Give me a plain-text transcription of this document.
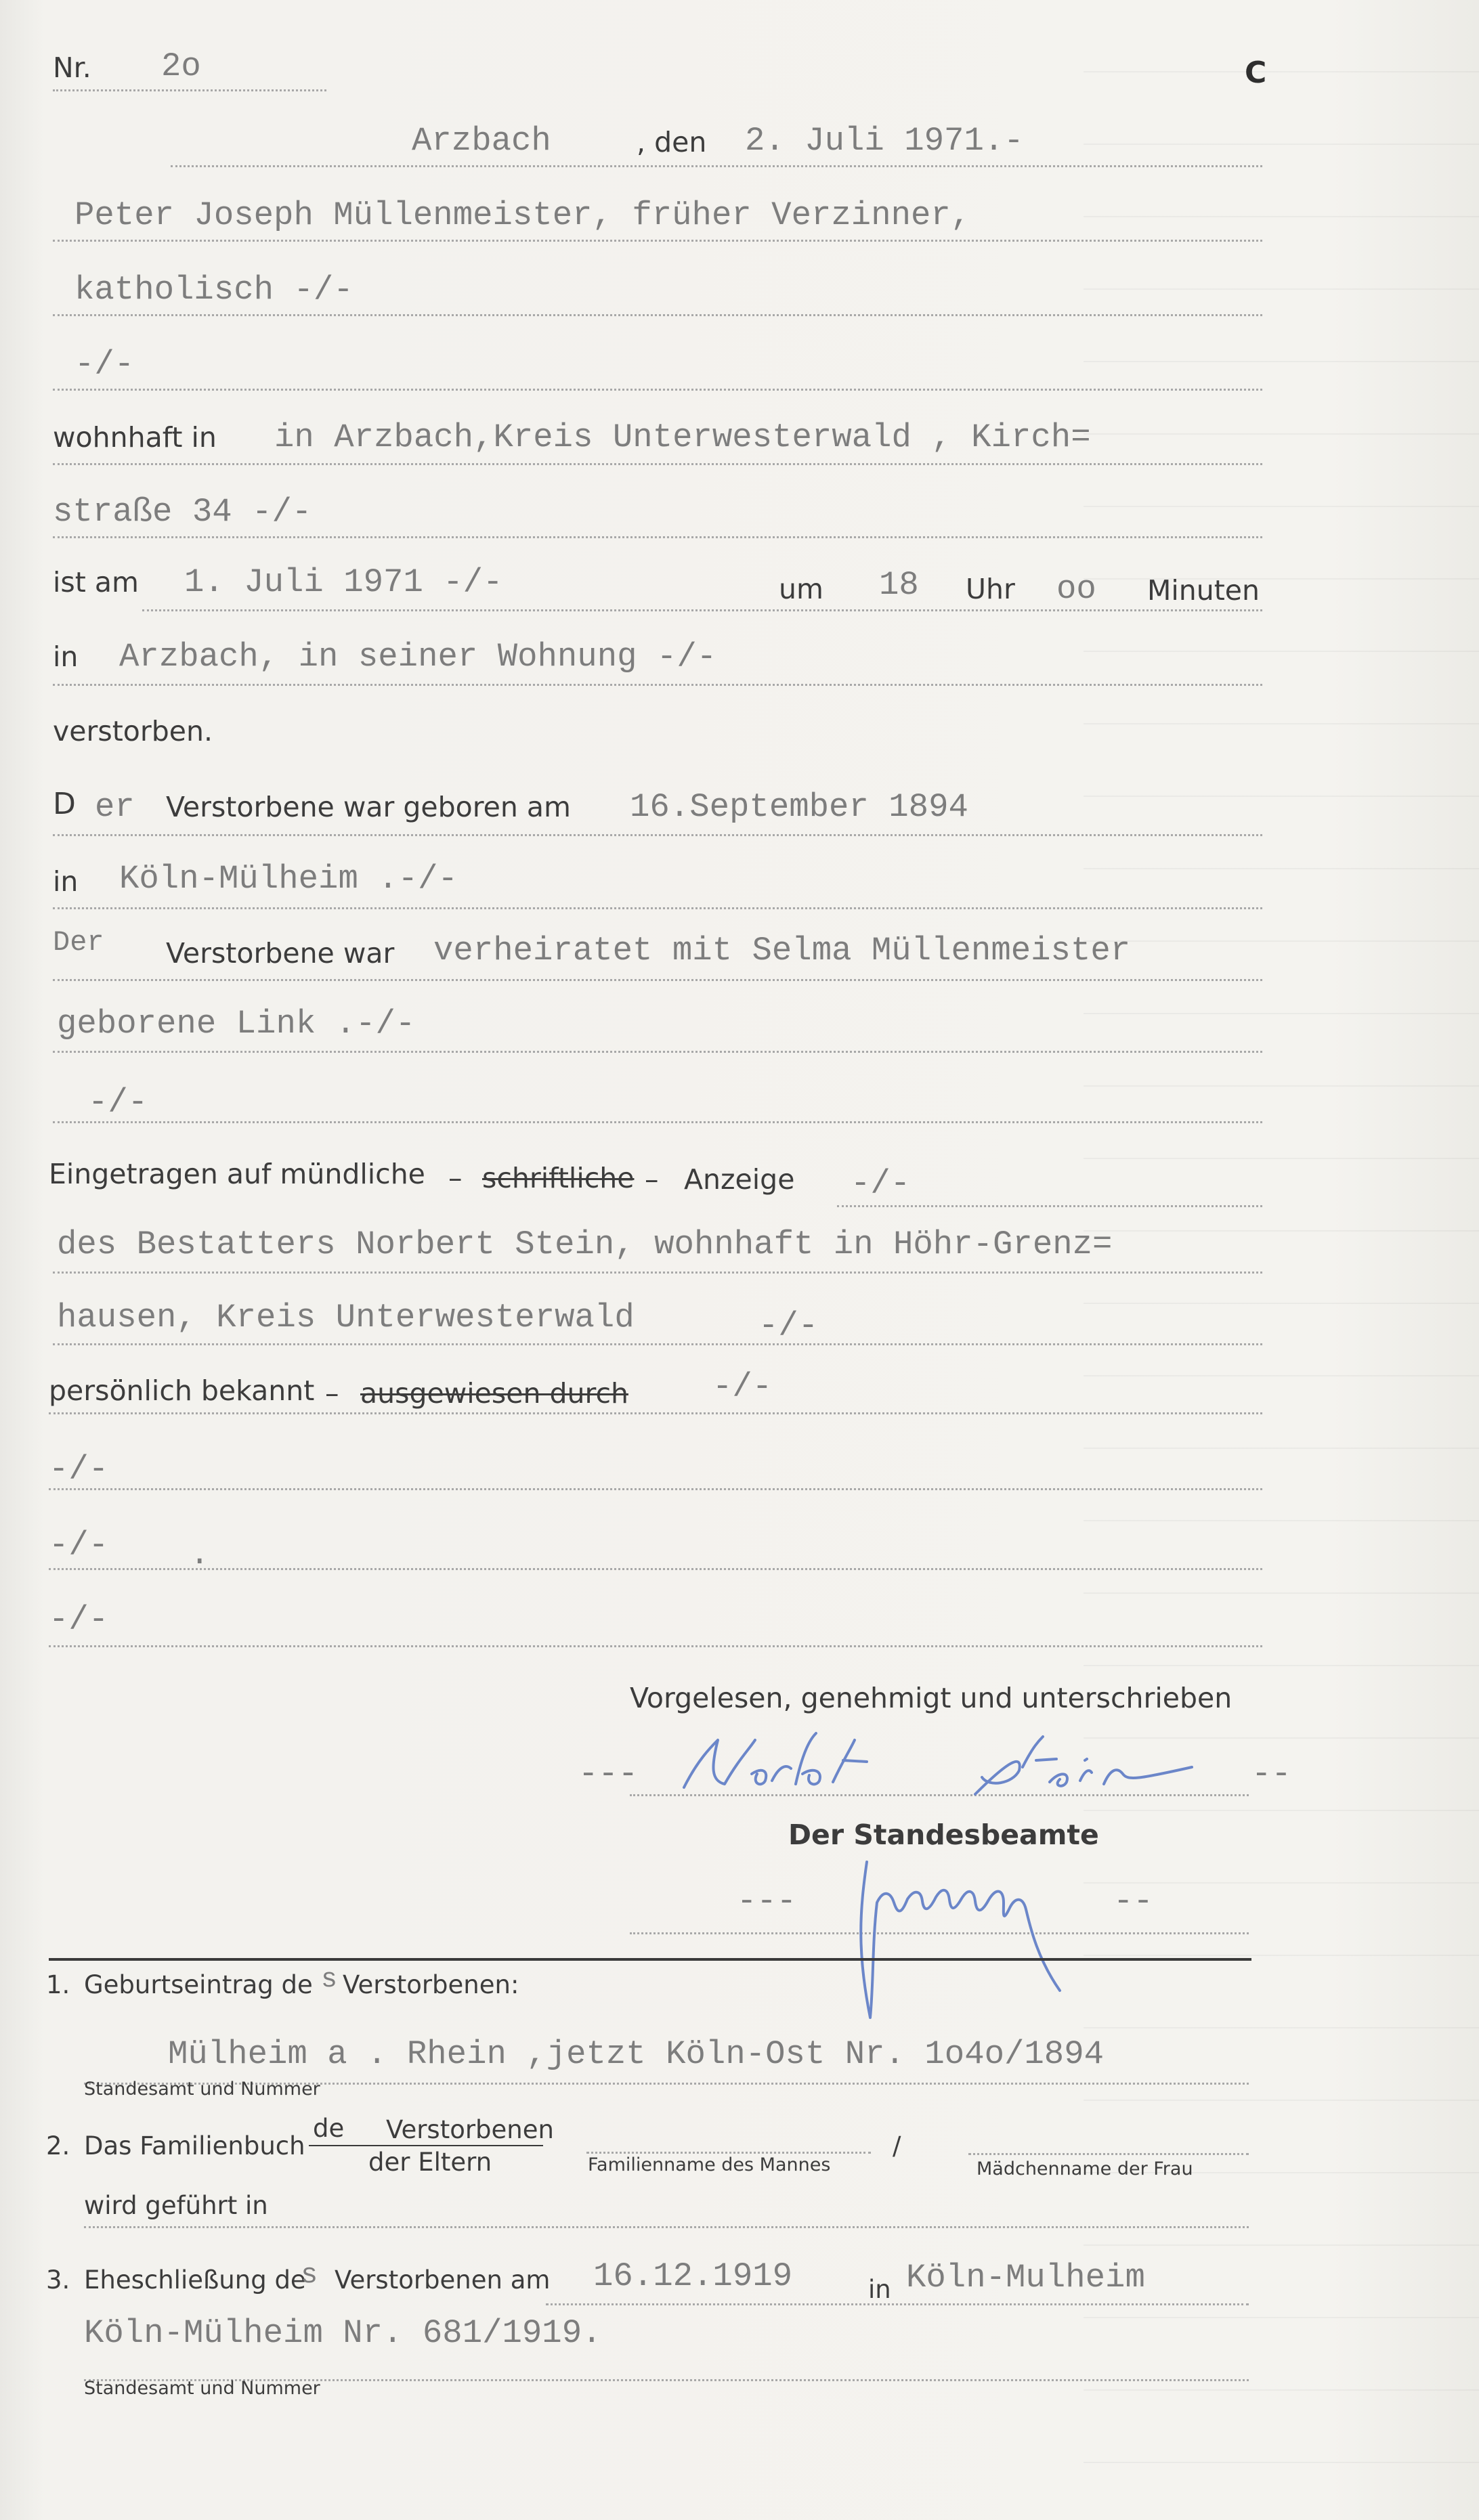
Nr. 2o	C
Arzbach	, den 2. Juli 1971.-
Peter Joseph Müllenmeister, früher Verzinner,
katholisch -/-
-/-
wohnhaft in in Arzbach,Kreis Unterwesterwald , Kirch=
straße 34 -/-
ist am 1. Juli 1971 -/-	um 18 Uhr oo Minuten
in Arzbach, in seiner Wohnung -/-
verstorben.
D er Verstorbene war geboren am 16.September 1894
in Köln-Mülheim .-/-
Der Verstorbene war verheiratet mit Selma Müllenmeister
geborene Link .-/-
-/-
Eingetragen auf mündliche – schriftliche – Anzeige -/-
des Bestatters Norbert Stein, wohnhaft in Höhr-Grenz=
hausen, Kreis Unterwesterwald	-/-
persönlich bekannt – ausgewiesen durch	-/-
-/-
-/- .
-/-
Vorgelesen, genehmigt und unterschrieben
---	--
Der Standesbeamte
---	--
1. Geburtseintrag de s Verstorbenen:
Mülheim a . Rhein ,jetzt Köln-Ost Nr. 1o4o/1894
Standesamt und Nummer
2. Das Familienbuch
de Verstorbenen
der Eltern	Familienname des Mannes
/
Mädchenname der Frau
wird geführt in
3. Eheschließung de
s Verstorbenen am 16.12.1919	in Köln-Mulheim
Köln-Mülheim Nr. 681/1919.
Standesamt und Nummer
